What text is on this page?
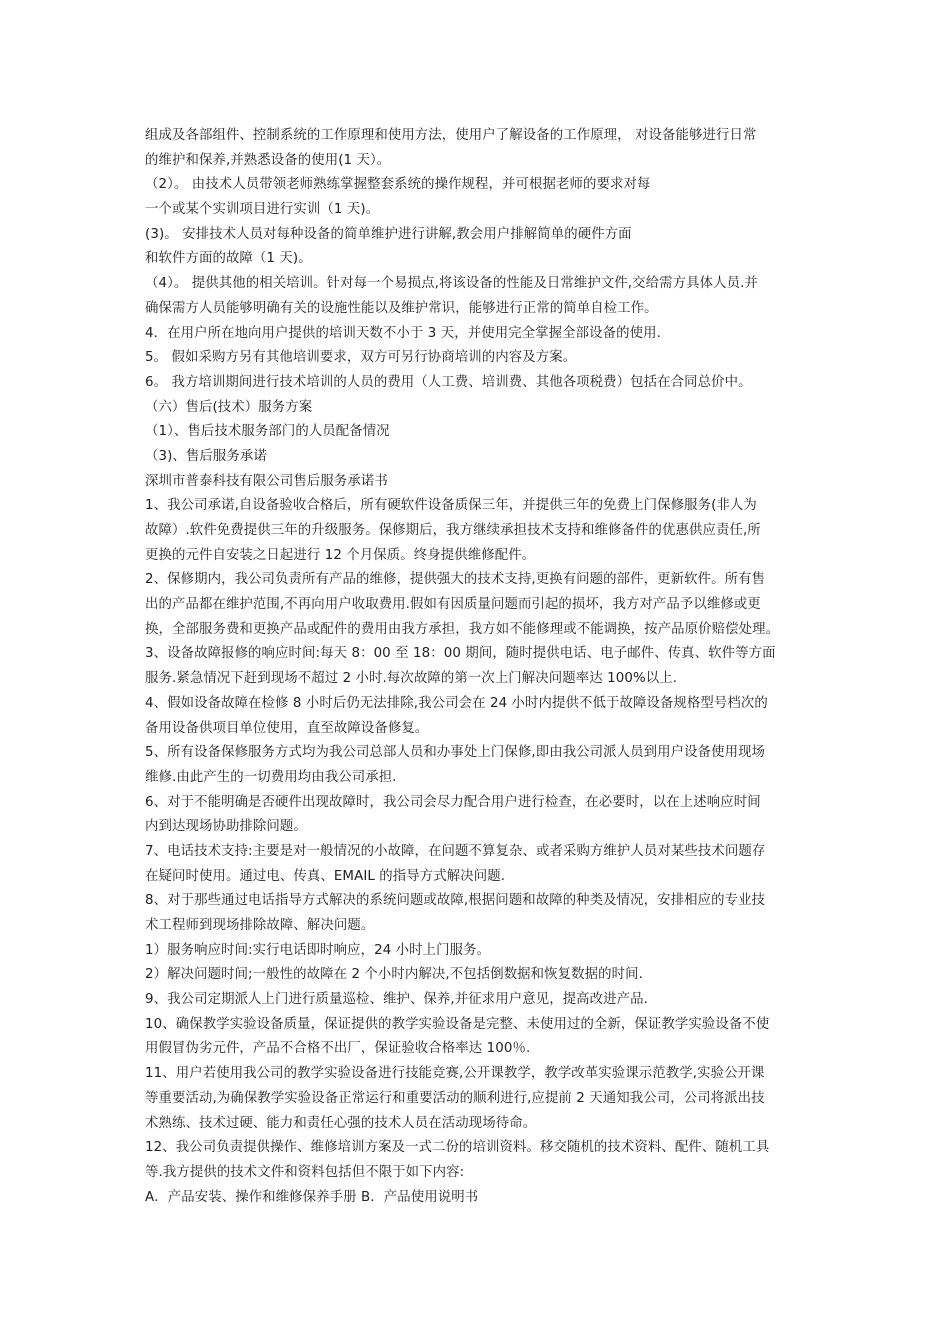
组成及各部组件、控制系统的工作原理和使用方法，使用户了解设备的工作原理， 对设备能够进行日常
的维护和保养,并熟悉设备的使用(1 天）。
（2）。 由技术人员带领老师熟练掌握整套系统的操作规程，并可根据老师的要求对每
一个或某个实训项目进行实训（1 天)。
(3)。 安排技术人员对每种设备的简单维护进行讲解,教会用户排解简单的硬件方面
和软件方面的故障（1 天)。
（4）。 提供其他的相关培训。针对每一个易损点,将该设备的性能及日常维护文件,交给需方具体人员.并
确保需方人员能够明确有关的设施性能以及维护常识，能够进行正常的简单自检工作。
4．在用户所在地向用户提供的培训天数不小于 3 天，并使用完全掌握全部设备的使用.
5。 假如采购方另有其他培训要求，双方可另行协商培训的内容及方案。
6。 我方培训期间进行技术培训的人员的费用（人工费、培训费、其他各项税费）包括在合同总价中。
（六）售后(技术）服务方案
（1）、售后技术服务部门的人员配备情况
（3)、售后服务承诺
深圳市普泰科技有限公司售后服务承诺书
1、我公司承诺,自设备验收合格后，所有硬软件设备质保三年，并提供三年的免费上门保修服务(非人为
故障）.软件免费提供三年的升级服务。保修期后，我方继续承担技术支持和维修备件的优惠供应责任,所
更换的元件自安装之日起进行 12 个月保质。终身提供维修配件。
2、保修期内，我公司负责所有产品的维修，提供强大的技术支持,更换有问题的部件，更新软件。所有售
出的产品都在维护范围,不再向用户收取费用.假如有因质量问题而引起的损坏，我方对产品予以维修或更
换，全部服务费和更换产品或配件的费用由我方承担，我方如不能修理或不能调换，按产品原价赔偿处理。
3、设备故障报修的响应时间:每天 8：00 至 18：00 期间，随时提供电话、电子邮件、传真、软件等方面
服务.紧急情况下赶到现场不超过 2 小时.每次故障的第一次上门解决问题率达 100%以上.
4、假如设备故障在检修 8 小时后仍无法排除,我公司会在 24 小时内提供不低于故障设备规格型号档次的
备用设备供项目单位使用，直至故障设备修复。
5、所有设备保修服务方式均为我公司总部人员和办事处上门保修,即由我公司派人员到用户设备使用现场
维修.由此产生的一切费用均由我公司承担.
6、对于不能明确是否硬件出现故障时，我公司会尽力配合用户进行检查，在必要时，以在上述响应时间
内到达现场协助排除问题。
7、电话技术支持:主要是对一般情况的小故障，在问题不算复杂、或者采购方维护人员对某些技术问题存
在疑问时使用。通过电、传真、EMAIL 的指导方式解决问题.
8、对于那些通过电话指导方式解决的系统问题或故障,根据问题和故障的种类及情况，安排相应的专业技
术工程师到现场排除故障、解决问题。
1）服务响应时间:实行电话即时响应，24 小时上门服务。
2）解决问题时间;一般性的故障在 2 个小时内解决,不包括倒数据和恢复数据的时间.
9、我公司定期派人上门进行质量巡检、维护、保养,并征求用户意见，提高改进产品.
10、确保教学实验设备质量，保证提供的教学实验设备是完整、未使用过的全新，保证教学实验设备不使
用假冒伪劣元件，产品不合格不出厂，保证验收合格率达 100％.
11、用户若使用我公司的教学实验设备进行技能竞赛,公开课教学，教学改革实验课示范教学,实验公开课
等重要活动,为确保教学实验设备正常运行和重要活动的顺利进行,应提前 2 天通知我公司，公司将派出技
术熟练、技术过硬、能力和责任心强的技术人员在活动现场待命。
12、我公司负责提供操作、维修培训方案及一式二份的培训资料。移交随机的技术资料、配件、随机工具
等.我方提供的技术文件和资料包括但不限于如下内容:
A．产品安装、操作和维修保养手册 B．产品使用说明书
